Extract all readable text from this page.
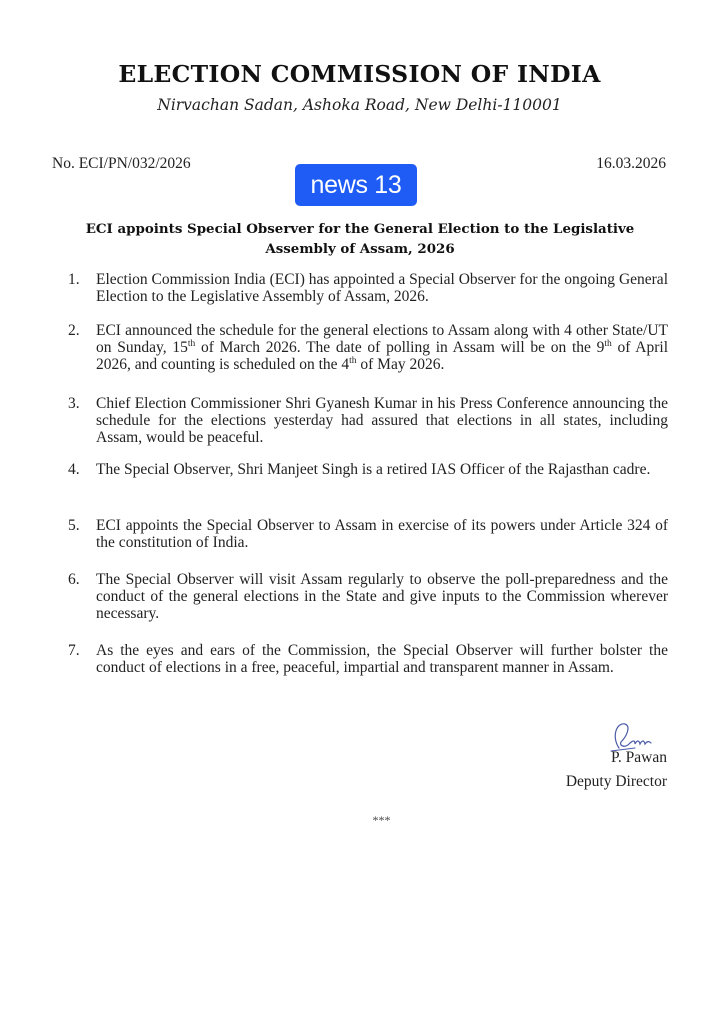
ELECTION COMMISSION OF INDIA
Nirvachan Sadan, Ashoka Road, New Delhi-110001
No. ECI/PN/032/2026	16.03.2026
news 13
ECI appoints Special Observer for the General Election to the Legislative
Assembly of Assam, 2026
1.	Election Commission India (ECI) has appointed a Special Observer for the ongoing General Election to the Legislative Assembly of Assam, 2026.
2.	ECI announced the schedule for the general elections to Assam along with 4 other State/UT on Sunday, 15th of March 2026. The date of polling in Assam will be on the 9th of April 2026, and counting is scheduled on the 4th of May 2026.
3.	Chief Election Commissioner Shri Gyanesh Kumar in his Press Conference announcing the schedule for the elections yesterday had assured that elections in all states, including Assam, would be peaceful.
4.	The Special Observer, Shri Manjeet Singh is a retired IAS Officer of the Rajasthan cadre.
5.	ECI appoints the Special Observer to Assam in exercise of its powers under Article 324 of the constitution of India.
6.	The Special Observer will visit Assam regularly to observe the poll-preparedness and the conduct of the general elections in the State and give inputs to the Commission wherever necessary.
7.	As the eyes and ears of the Commission, the Special Observer will further bolster the conduct of elections in a free, peaceful, impartial and transparent manner in Assam.
P. Pawan
Deputy Director
***
